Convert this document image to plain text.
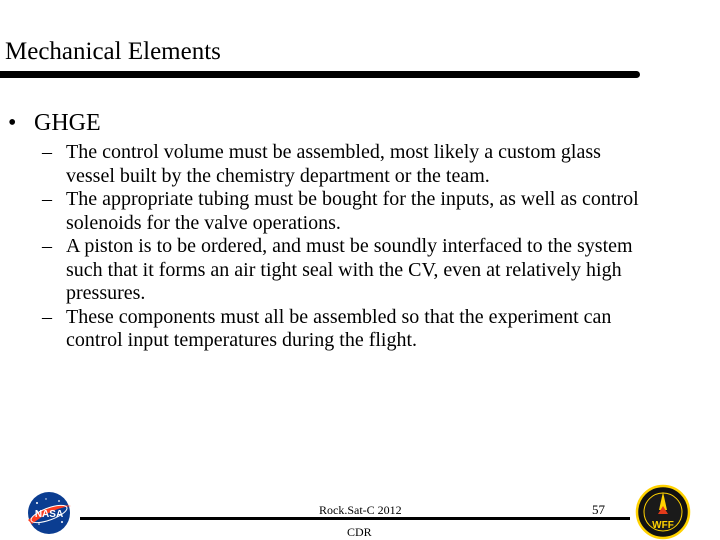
Mechanical Elements
• GHGE
– The control volume must be assembled, most likely a custom glass vessel built by the chemistry department or the team.
– The appropriate tubing must be bought for the inputs, as well as control solenoids for the valve operations.
– A piston is to be ordered, and must be soundly interfaced to the system such that it forms an air tight seal with the CV, even at relatively high pressures.
– These components must all be assembled so that the experiment can control input temperatures during the flight.
NASA
WFF
Rock.Sat-C 2012
CDR
57
